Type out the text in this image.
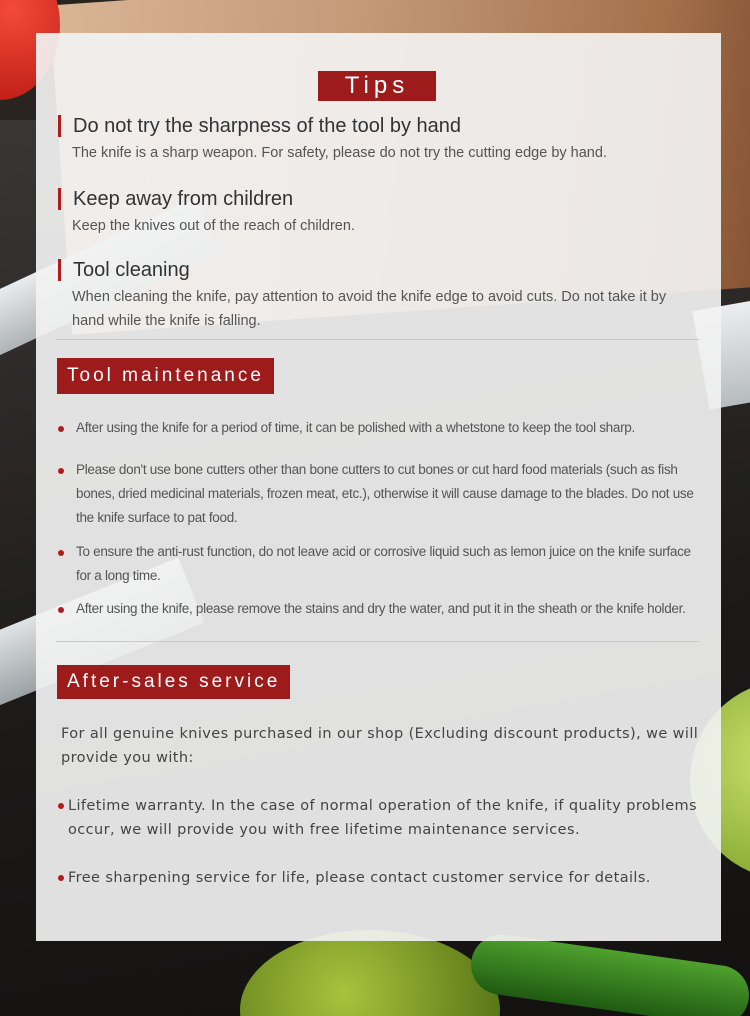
Tips

Do not try the sharpness of the tool by hand

The knife is a sharp weapon. For safety, please do not try the cutting edge by hand.

Keep away from children

Keep the knives out of the reach of children.

Tool cleaning

When cleaning the knife, pay attention to avoid the knife edge to avoid cuts. Do not take it by hand while the knife is falling.

Tool maintenance
After using the knife for a period of time, it can be polished with a whetstone to keep the tool sharp.
Please don't use bone cutters other than bone cutters to cut bones or cut hard food materials (such as fish bones, dried medicinal materials, frozen meat, etc.), otherwise it will cause damage to the blades. Do not use the knife surface to pat food.
To ensure the anti-rust function, do not leave acid or corrosive liquid such as lemon juice on the knife surface for a long time.
After using the knife, please remove the stains and dry the water, and put it in the sheath or the knife holder.
After-sales service

For all genuine knives purchased in our shop (Excluding discount products), we will provide you with:

Lifetime warranty. In the case of normal operation of the knife, if quality problems occur, we will provide you with free lifetime maintenance services.

Free sharpening service for life, please contact customer service for details.
